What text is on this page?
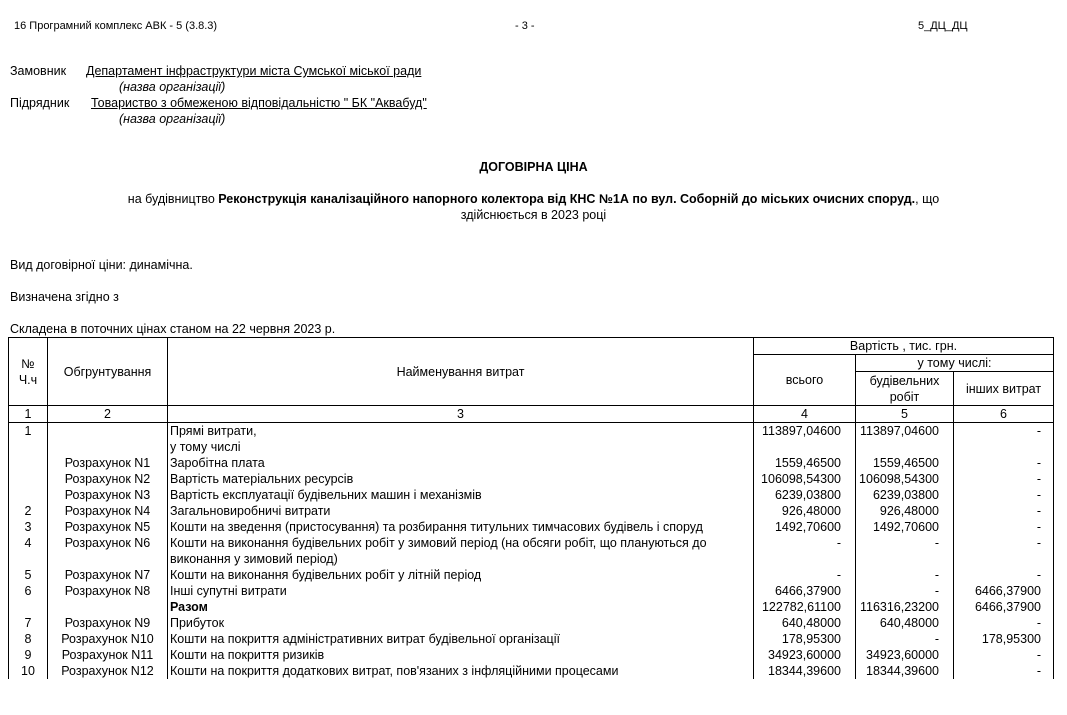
16 Програмний комплекс АВК - 5 (3.8.3)	- 3 -	5_ДЦ_ДЦ
Замовник Департамент інфраструктури міста Сумської міської ради
(назва організації)
Підрядник Товариство з обмеженою відповідальністю " БК "Аквабуд"
(назва організації)
ДОГОВІРНА ЦІНА
на будівництво Реконструкція каналізаційного напорного колектора від КНС №1А по вул. Соборній до міських очисних споруд., що
здійснюється в 2023 році
Вид договірної ціни: динамічна.
Визначена згідно з
Складена в поточних цінах станом на 22 червня 2023 р.
№ Ч.ч	Обгрунтування	Найменування витрат	Вартість , тис. грн.		
			всього	у тому числі:	
				будівельних робіт	інших витрат
1	2	3	4	5	6
1		Прямі витрати,	113897,04600	113897,04600	-
		у тому числі			
	Розрахунок N1	Заробітна плата	1559,46500	1559,46500	-
	Розрахунок N2	Вартість матеріальних ресурсів	106098,54300	106098,54300	-
	Розрахунок N3	Вартість експлуатації будівельних машин і механізмів	6239,03800	6239,03800	-
2	Розрахунок N4	Загальновиробничі витрати	926,48000	926,48000	-
3	Розрахунок N5	Кошти на зведення (пристосування) та розбирання титульних тимчасових будівель і споруд	1492,70600	1492,70600	-
4	Розрахунок N6	Кошти на виконання будівельних робіт у зимовий період (на обсяги робіт, що плануються до виконання у зимовий період)	-	-	-
5	Розрахунок N7	Кошти на виконання будівельних робіт у літній період	-	-	-
6	Розрахунок N8	Інші супутні витрати	6466,37900	-	6466,37900
		Разом	122782,61100	116316,23200	6466,37900
7	Розрахунок N9	Прибуток	640,48000	640,48000	-
8	Розрахунок N10	Кошти на покриття адміністративних витрат будівельної організації	178,95300	-	178,95300
9	Розрахунок N11	Кошти на покриття ризиків	34923,60000	34923,60000	-
10	Розрахунок N12	Кошти на покриття додаткових витрат, пов'язаних з інфляційними процесами	18344,39600	18344,39600	-
